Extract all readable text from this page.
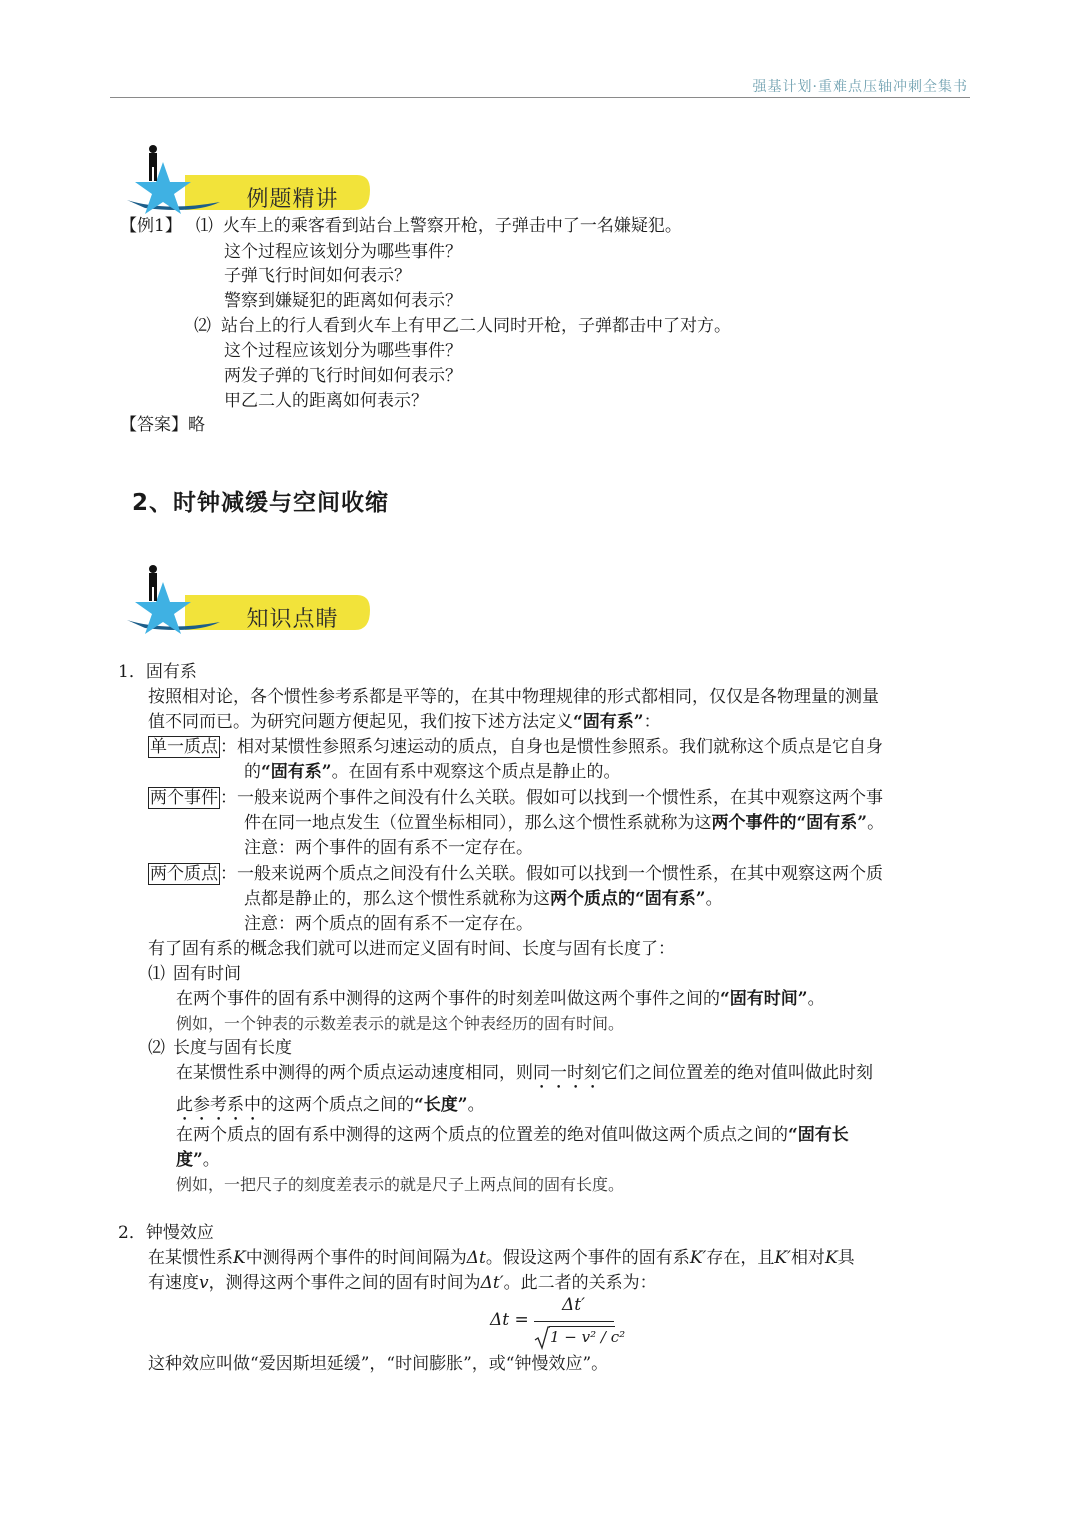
强基计划·重难点压轴冲刺全集书
例题精讲
【例1】 ⑴ 火车上的乘客看到站台上警察开枪，子弹击中了一名嫌疑犯。
这个过程应该划分为哪些事件？
子弹飞行时间如何表示？
警察到嫌疑犯的距离如何表示？
⑵ 站台上的行人看到火车上有甲乙二人同时开枪，子弹都击中了对方。
这个过程应该划分为哪些事件？
两发子弹的飞行时间如何表示？
甲乙二人的距离如何表示？
【答案】略
2、时钟减缓与空间收缩
知识点睛
1．固有系
按照相对论，各个惯性参考系都是平等的，在其中物理规律的形式都相同，仅仅是各物理量的测量
值不同而已。为研究问题方便起见，我们按下述方法定义“固有系”：
单一质点 ：相对某惯性参照系匀速运动的质点，自身也是惯性参照系。我们就称这个质点是它自身
的“固有系”。在固有系中观察这个质点是静止的。
两个事件 ：一般来说两个事件之间没有什么关联。假如可以找到一个惯性系，在其中观察这两个事
件在同一地点发生（位置坐标相同），那么这个惯性系就称为这两个事件的“固有系”。
注意：两个事件的固有系不一定存在。
两个质点 ：一般来说两个质点之间没有什么关联。假如可以找到一个惯性系，在其中观察这两个质
点都是静止的，那么这个惯性系就称为这两个质点的“固有系”。
注意：两个质点的固有系不一定存在。
有了固有系的概念我们就可以进而定义固有时间、长度与固有长度了：
⑴ 固有时间
在两个事件的固有系中测得的这两个事件的时刻差叫做这两个事件之间的“固有时间”。
例如，一个钟表的示数差表示的就是这个钟表经历的固有时间。
⑵ 长度与固有长度
在某惯性系中测得的两个质点运动速度相同，则同一时刻它们之间位置差的绝对值叫做此时刻
此参考系中的这两个质点之间的“长度”。
在两个质点的固有系中测得的这两个质点的位置差的绝对值叫做这两个质点之间的“固有长
度”。
例如，一把尺子的刻度差表示的就是尺子上两点间的固有长度。
2．钟慢效应
在某惯性系K中测得两个事件的时间间隔为Δt。假设这两个事件的固有系K′存在，且K′相对K具
有速度v，测得这两个事件之间的固有时间为Δt′。此二者的关系为：
Δt =
Δt′
1 − v² / c²
这种效应叫做“爱因斯坦延缓”，“时间膨胀”，或“钟慢效应”。
